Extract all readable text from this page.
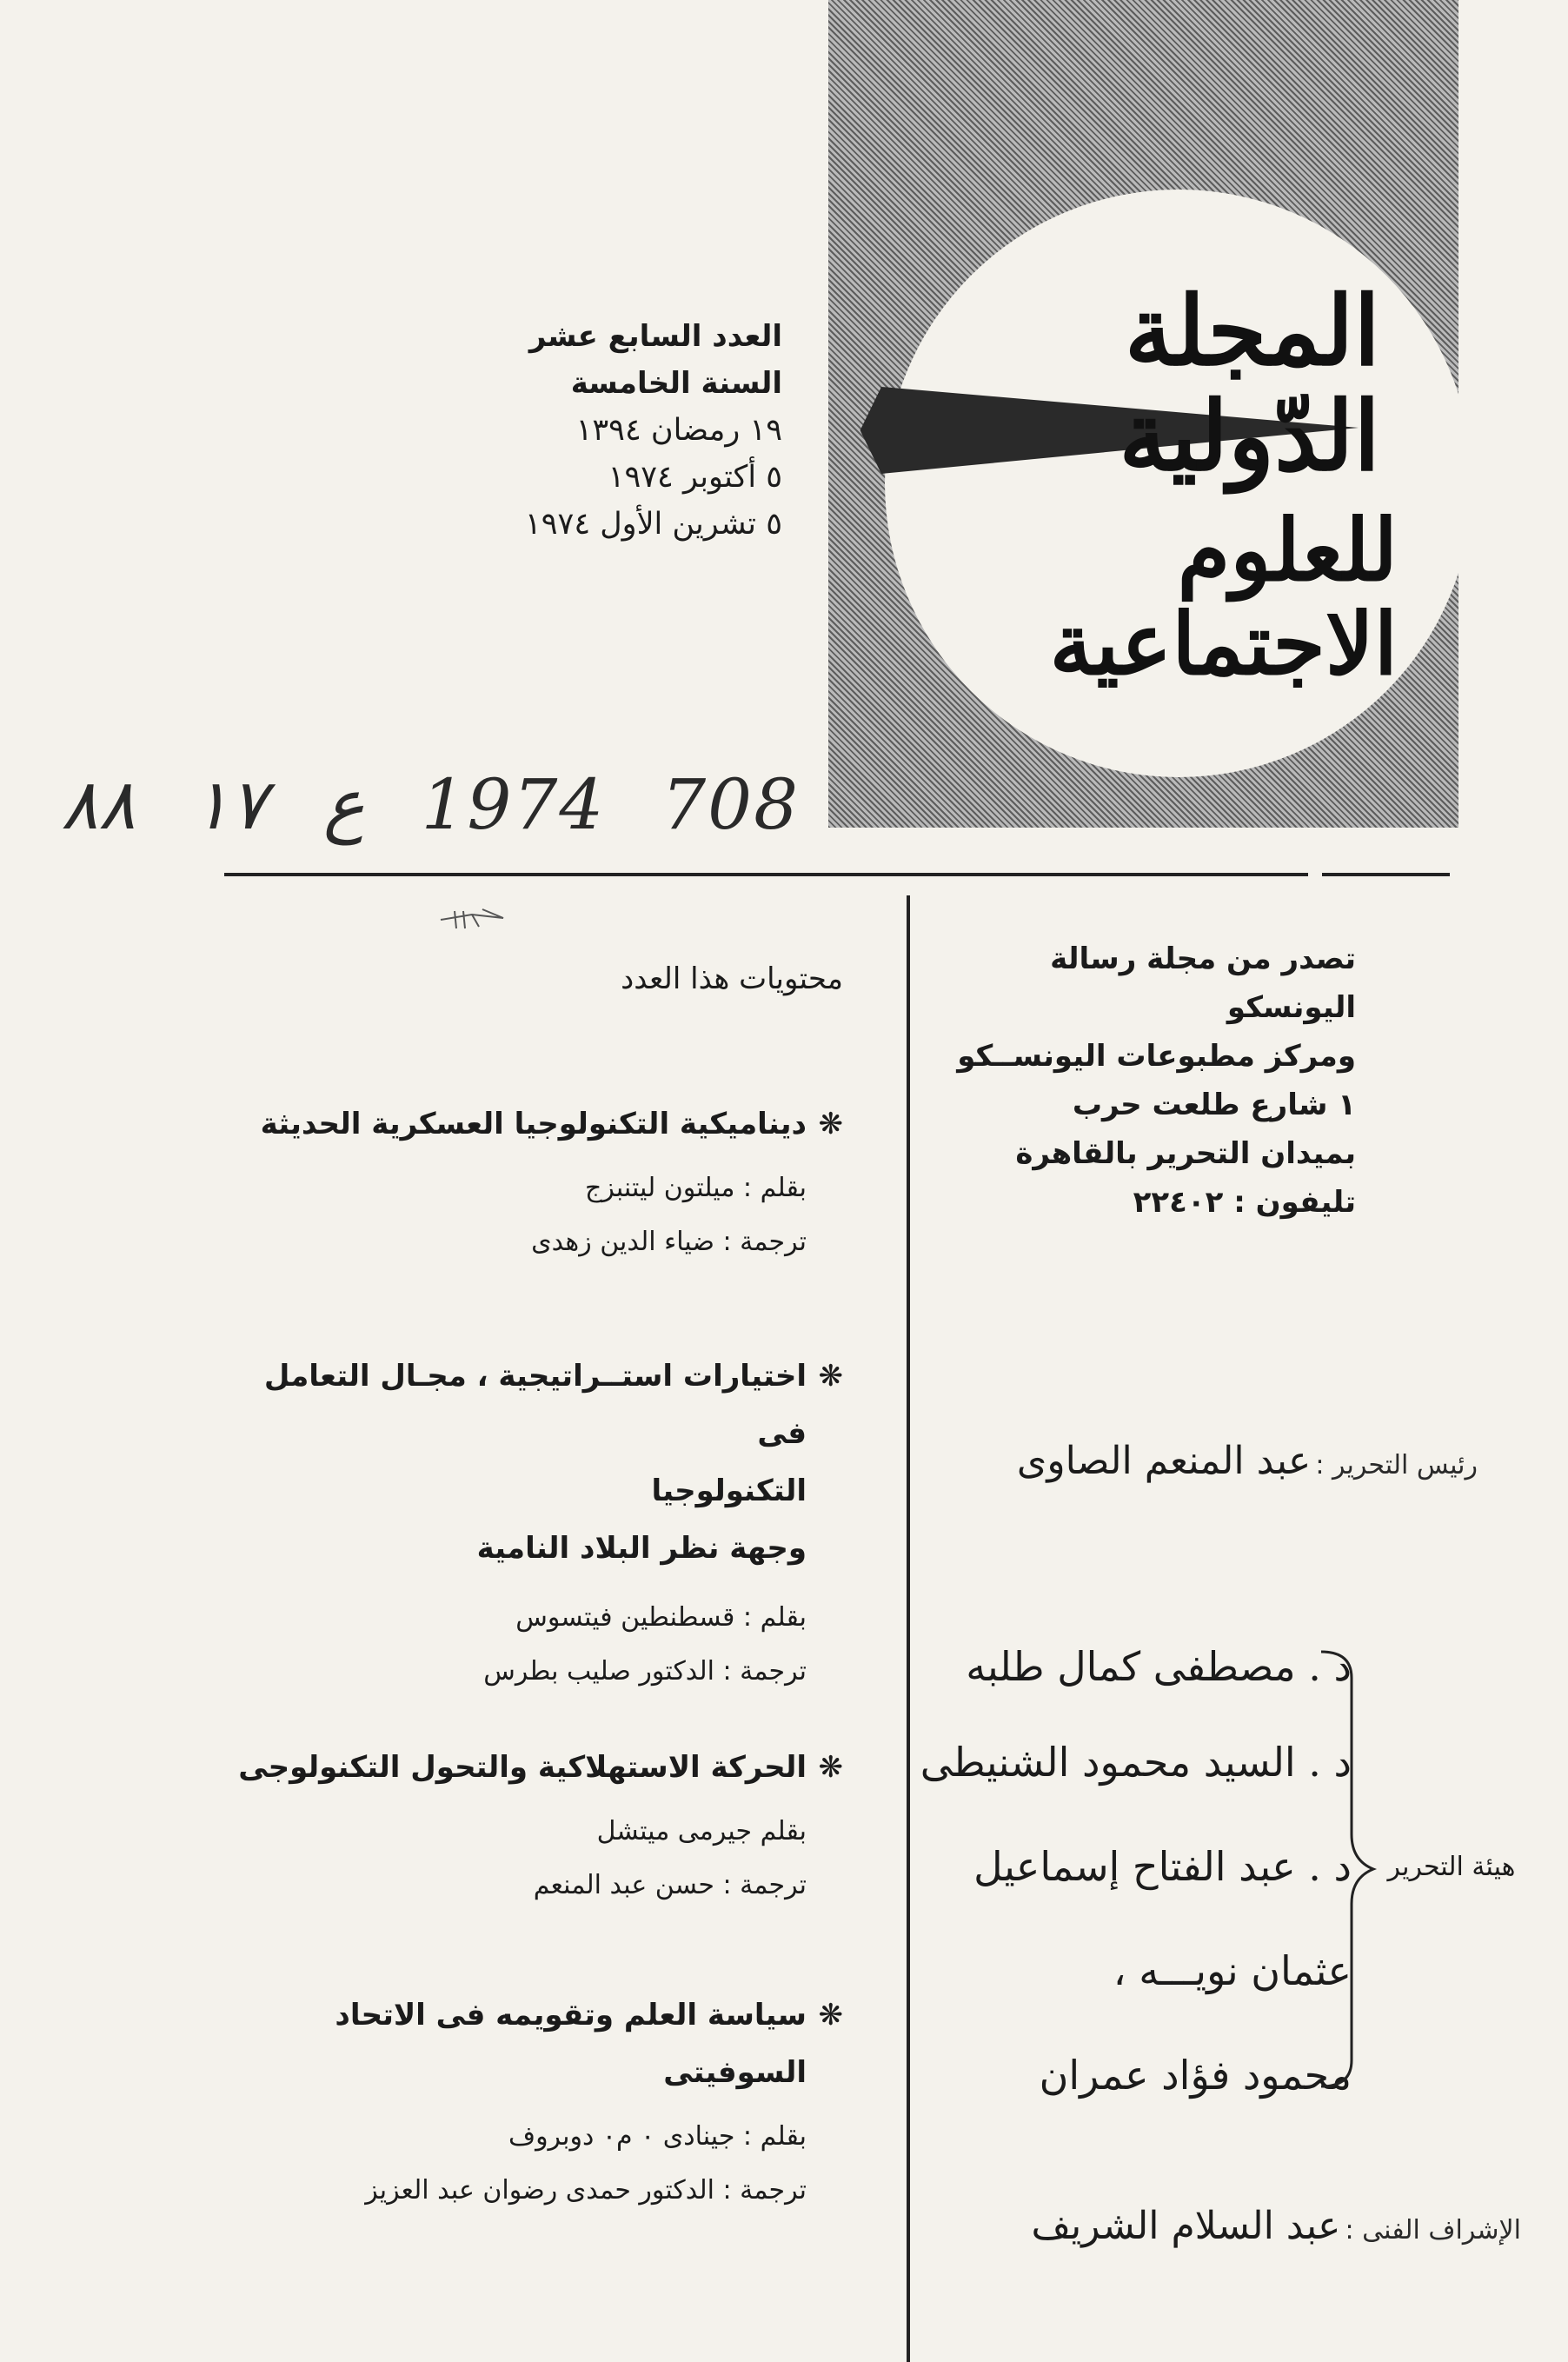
المجلة الدّولية
للعلوم الاجتماعية

العدد السابع عشر

السنة الخامسة

١٩ رمضان ١٣٩٤

٥ أكتوبر ١٩٧٤

٥ تشرين الأول ١٩٧٤

٨٨ ١٧ ع 1974 708
محتويات هذا العدد
❋
ديناميكية التكنولوجيا العسكرية الحديثة
بقلم : ميلتون ليتنبزج
ترجمة : ضياء الدين زهدى
❋
اختيارات استــراتيجية ، مجـال التعامل فى
التكنولوجيا
وجهة نظر البلاد النامية
بقلم : قسطنطين فيتسوس
ترجمة : الدكتور صليب بطرس
❋
الحركة الاستهلاكية والتحول التكنولوجى
بقلم جيرمى ميتشل
ترجمة : حسن عبد المنعم
❋
سياسة العلم وتقويمه فى الاتحاد السوفيتى
بقلم : جينادى ٠ م٠ دوبروف
ترجمة : الدكتور حمدى رضوان عبد العزيز

تصدر من مجلة رسالة اليونسكو

ومركز مطبوعات اليونســكو

١ شارع طلعت حرب

بميدان التحرير بالقاهرة

تليفون : ٢٢٤٠٢

رئيس التحرير : عبد المنعم الصاوى
د . مصطفى كمال طلبه
د . السيد محمود الشنيطى
د . عبد الفتاح إسماعيل
عثمان نويـــه ،
محمود فؤاد عمران
هيئة التحرير
الإشراف الفنى : عبد السلام الشريف
